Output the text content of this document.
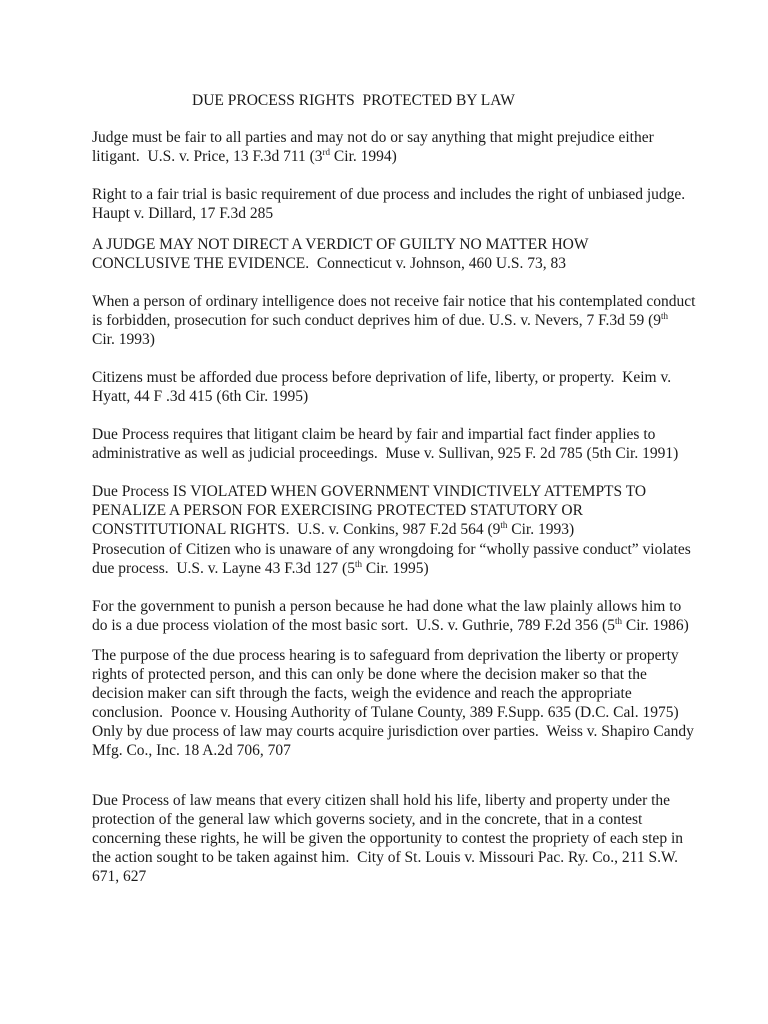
DUE PROCESS RIGHTS  PROTECTED BY LAW
Judge must be fair to all parties and may not do or say anything that might prejudice either
litigant.  U.S. v. Price, 13 F.3d 711 (3rd Cir. 1994)
Right to a fair trial is basic requirement of due process and includes the right of unbiased judge.
Haupt v. Dillard, 17 F.3d 285
A JUDGE MAY NOT DIRECT A VERDICT OF GUILTY NO MATTER HOW
CONCLUSIVE THE EVIDENCE.  Connecticut v. Johnson, 460 U.S. 73, 83
When a person of ordinary intelligence does not receive fair notice that his contemplated conduct
is forbidden, prosecution for such conduct deprives him of due. U.S. v. Nevers, 7 F.3d 59 (9th
Cir. 1993)
Citizens must be afforded due process before deprivation of life, liberty, or property.  Keim v.
Hyatt, 44 F .3d 415 (6th Cir. 1995)
Due Process requires that litigant claim be heard by fair and impartial fact finder applies to
administrative as well as judicial proceedings.  Muse v. Sullivan, 925 F. 2d 785 (5th Cir. 1991)
Due Process IS VIOLATED WHEN GOVERNMENT VINDICTIVELY ATTEMPTS TO
PENALIZE A PERSON FOR EXERCISING PROTECTED STATUTORY OR
CONSTITUTIONAL RIGHTS.  U.S. v. Conkins, 987 F.2d 564 (9th Cir. 1993)
Prosecution of Citizen who is unaware of any wrongdoing for “wholly passive conduct” violates
due process.  U.S. v. Layne 43 F.3d 127 (5th Cir. 1995)
For the government to punish a person because he had done what the law plainly allows him to
do is a due process violation of the most basic sort.  U.S. v. Guthrie, 789 F.2d 356 (5th Cir. 1986)
The purpose of the due process hearing is to safeguard from deprivation the liberty or property
rights of protected person, and this can only be done where the decision maker so that the
decision maker can sift through the facts, weigh the evidence and reach the appropriate
conclusion.  Poonce v. Housing Authority of Tulane County, 389 F.Supp. 635 (D.C. Cal. 1975)
Only by due process of law may courts acquire jurisdiction over parties.  Weiss v. Shapiro Candy
Mfg. Co., Inc. 18 A.2d 706, 707
Due Process of law means that every citizen shall hold his life, liberty and property under the
protection of the general law which governs society, and in the concrete, that in a contest
concerning these rights, he will be given the opportunity to contest the propriety of each step in
the action sought to be taken against him.  City of St. Louis v. Missouri Pac. Ry. Co., 211 S.W.
671, 627
